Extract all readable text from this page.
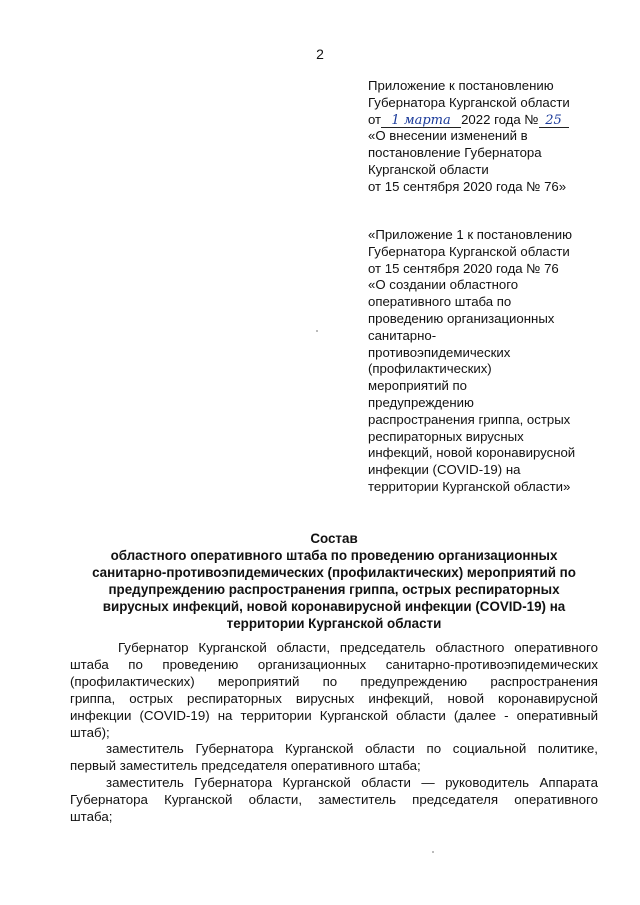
2
Приложение к постановлению
Губернатора Курганской области
от 1 марта 2022 года № 25
«О внесении изменений в
постановление Губернатора
Курганской области
от 15 сентября 2020 года № 76»
«Приложение 1 к постановлению
Губернатора Курганской области
от 15 сентября 2020 года № 76
«О создании областного
оперативного штаба по
проведению организационных
санитарно-
противоэпидемических
(профилактических)
мероприятий по
предупреждению
распространения гриппа, острых
респираторных вирусных
инфекций, новой коронавирусной
инфекции (COVID-19) на
территории Курганской области»
Состав
областного оперативного штаба по проведению организационных
санитарно-противоэпидемических (профилактических) мероприятий по
предупреждению распространения гриппа, острых респираторных
вирусных инфекций, новой коронавирусной инфекции (COVID-19) на
территории Курганской области
Губернатор Курганской области, председатель областного оперативного
штаба по проведению организационных санитарно-противоэпидемических
(профилактических) мероприятий по предупреждению распространения
гриппа, острых респираторных вирусных инфекций, новой коронавирусной
инфекции (COVID-19) на территории Курганской области (далее - оперативный
штаб);
заместитель Губернатора Курганской области по социальной политике,
первый заместитель председателя оперативного штаба;
заместитель Губернатора Курганской области — руководитель Аппарата
Губернатора Курганской области, заместитель председателя оперативного
штаба;
